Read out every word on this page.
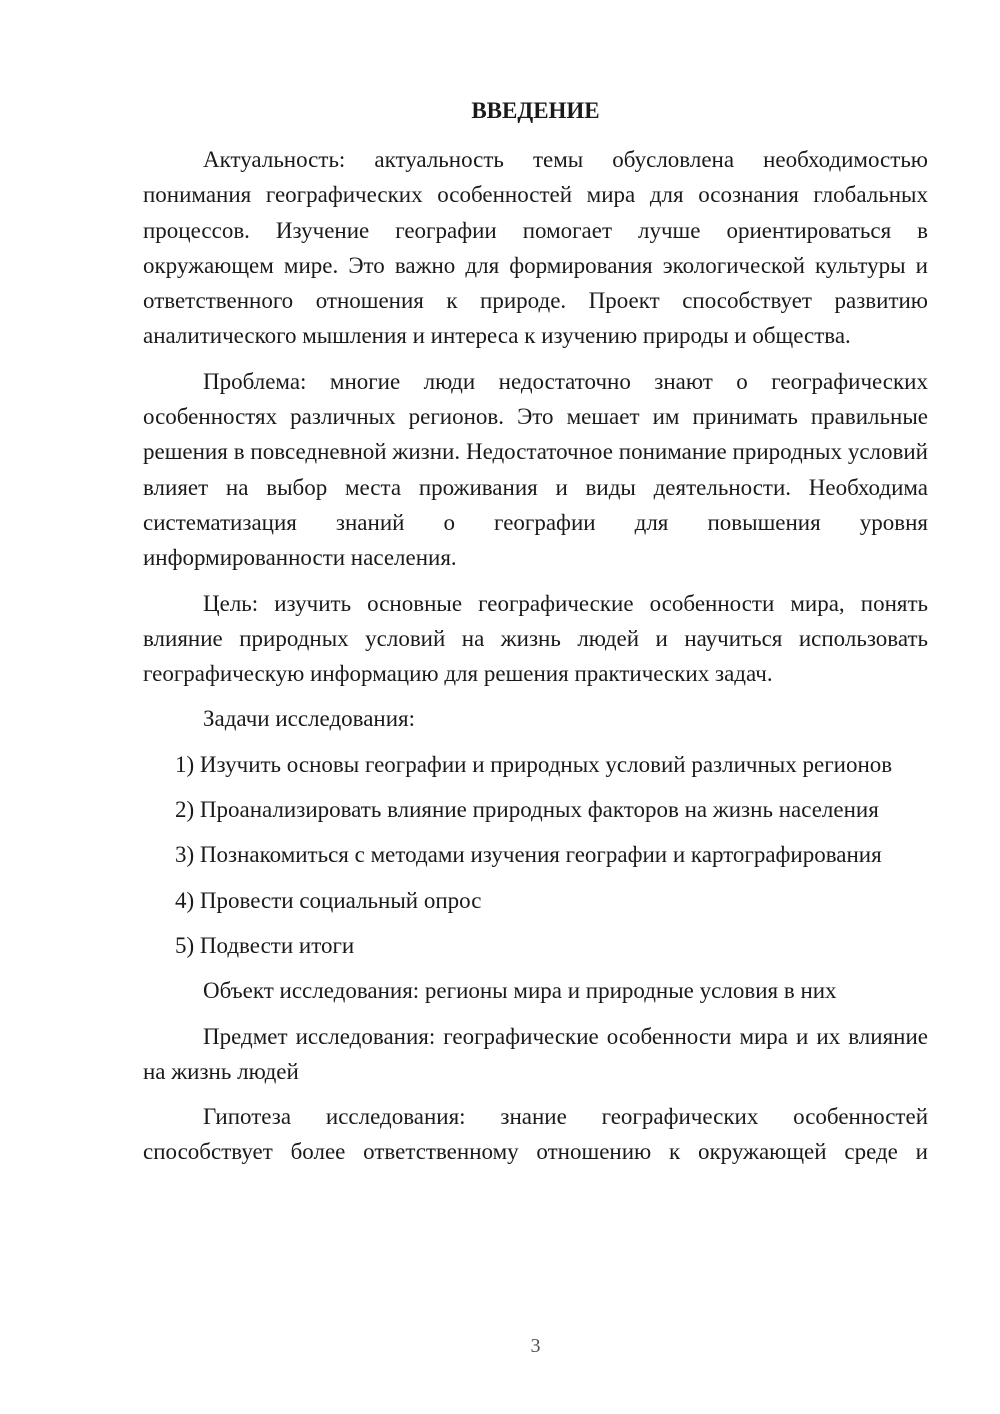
ВВЕДЕНИЕ

Актуальность: актуальность темы обусловлена необходимостью понимания географических особенностей мира для осознания глобальных процессов. Изучение географии помогает лучше ориентироваться в окружающем мире. Это важно для формирования экологической культуры и ответственного отношения к природе. Проект способствует развитию аналитического мышления и интереса к изучению природы и общества.

Проблема: многие люди недостаточно знают о географических особенностях различных регионов. Это мешает им принимать правильные решения в повседневной жизни. Недостаточное понимание природных условий влияет на выбор места проживания и виды деятельности. Необходима систематизация знаний о географии для повышения уровня информированности населения.

Цель: изучить основные географические особенности мира, понять влияние природных условий на жизнь людей и научиться использовать географическую информацию для решения практических задач.

Задачи исследования:

1) Изучить основы географии и природных условий различных регионов

2) Проанализировать влияние природных факторов на жизнь населения

3) Познакомиться с методами изучения географии и картографирования

4) Провести социальный опрос

5) Подвести итоги

Объект исследования: регионы мира и природные условия в них

Предмет исследования: географические особенности мира и их влияние на жизнь людей

Гипотеза исследования: знание географических особенностей способствует более ответственному отношению к окружающей среде и

3
